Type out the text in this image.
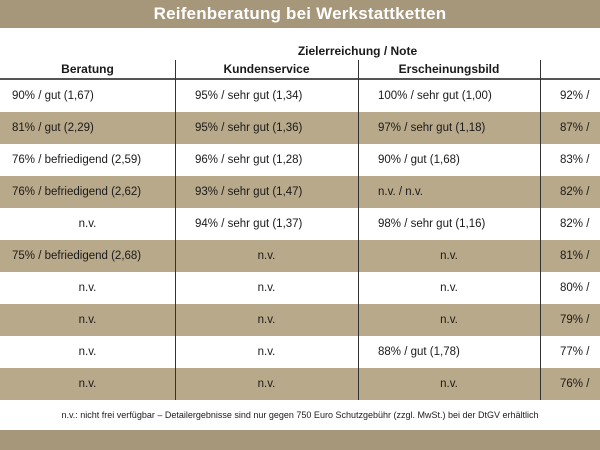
Reifenberatung bei Werkstattketten
Zielerreichung / Note
Beratung	Kundenservice	Erscheinungsbild
90% / gut (1,67)	95% / sehr gut (1,34)	100% / sehr gut (1,00)	92% /
81% / gut (2,29)	95% / sehr gut (1,36)	97% / sehr gut (1,18)	87% /
76% / befriedigend (2,59)	96% / sehr gut (1,28)	90% / gut (1,68)	83% /
76% / befriedigend (2,62)	93% / sehr gut (1,47)	n.v. / n.v.	82% /
n.v.	94% / sehr gut (1,37)	98% / sehr gut (1,16)	82% /
75% / befriedigend (2,68)	n.v.	n.v.	81% /
n.v.	n.v.	n.v.	80% /
n.v.	n.v.	n.v.	79% /
n.v.	n.v.	88% / gut (1,78)	77% /
n.v.	n.v.	n.v.	76% /
n.v.: nicht frei verfügbar – Detailergebnisse sind nur gegen 750 Euro Schutzgebühr (zzgl. MwSt.) bei der DtGV erhältlich
